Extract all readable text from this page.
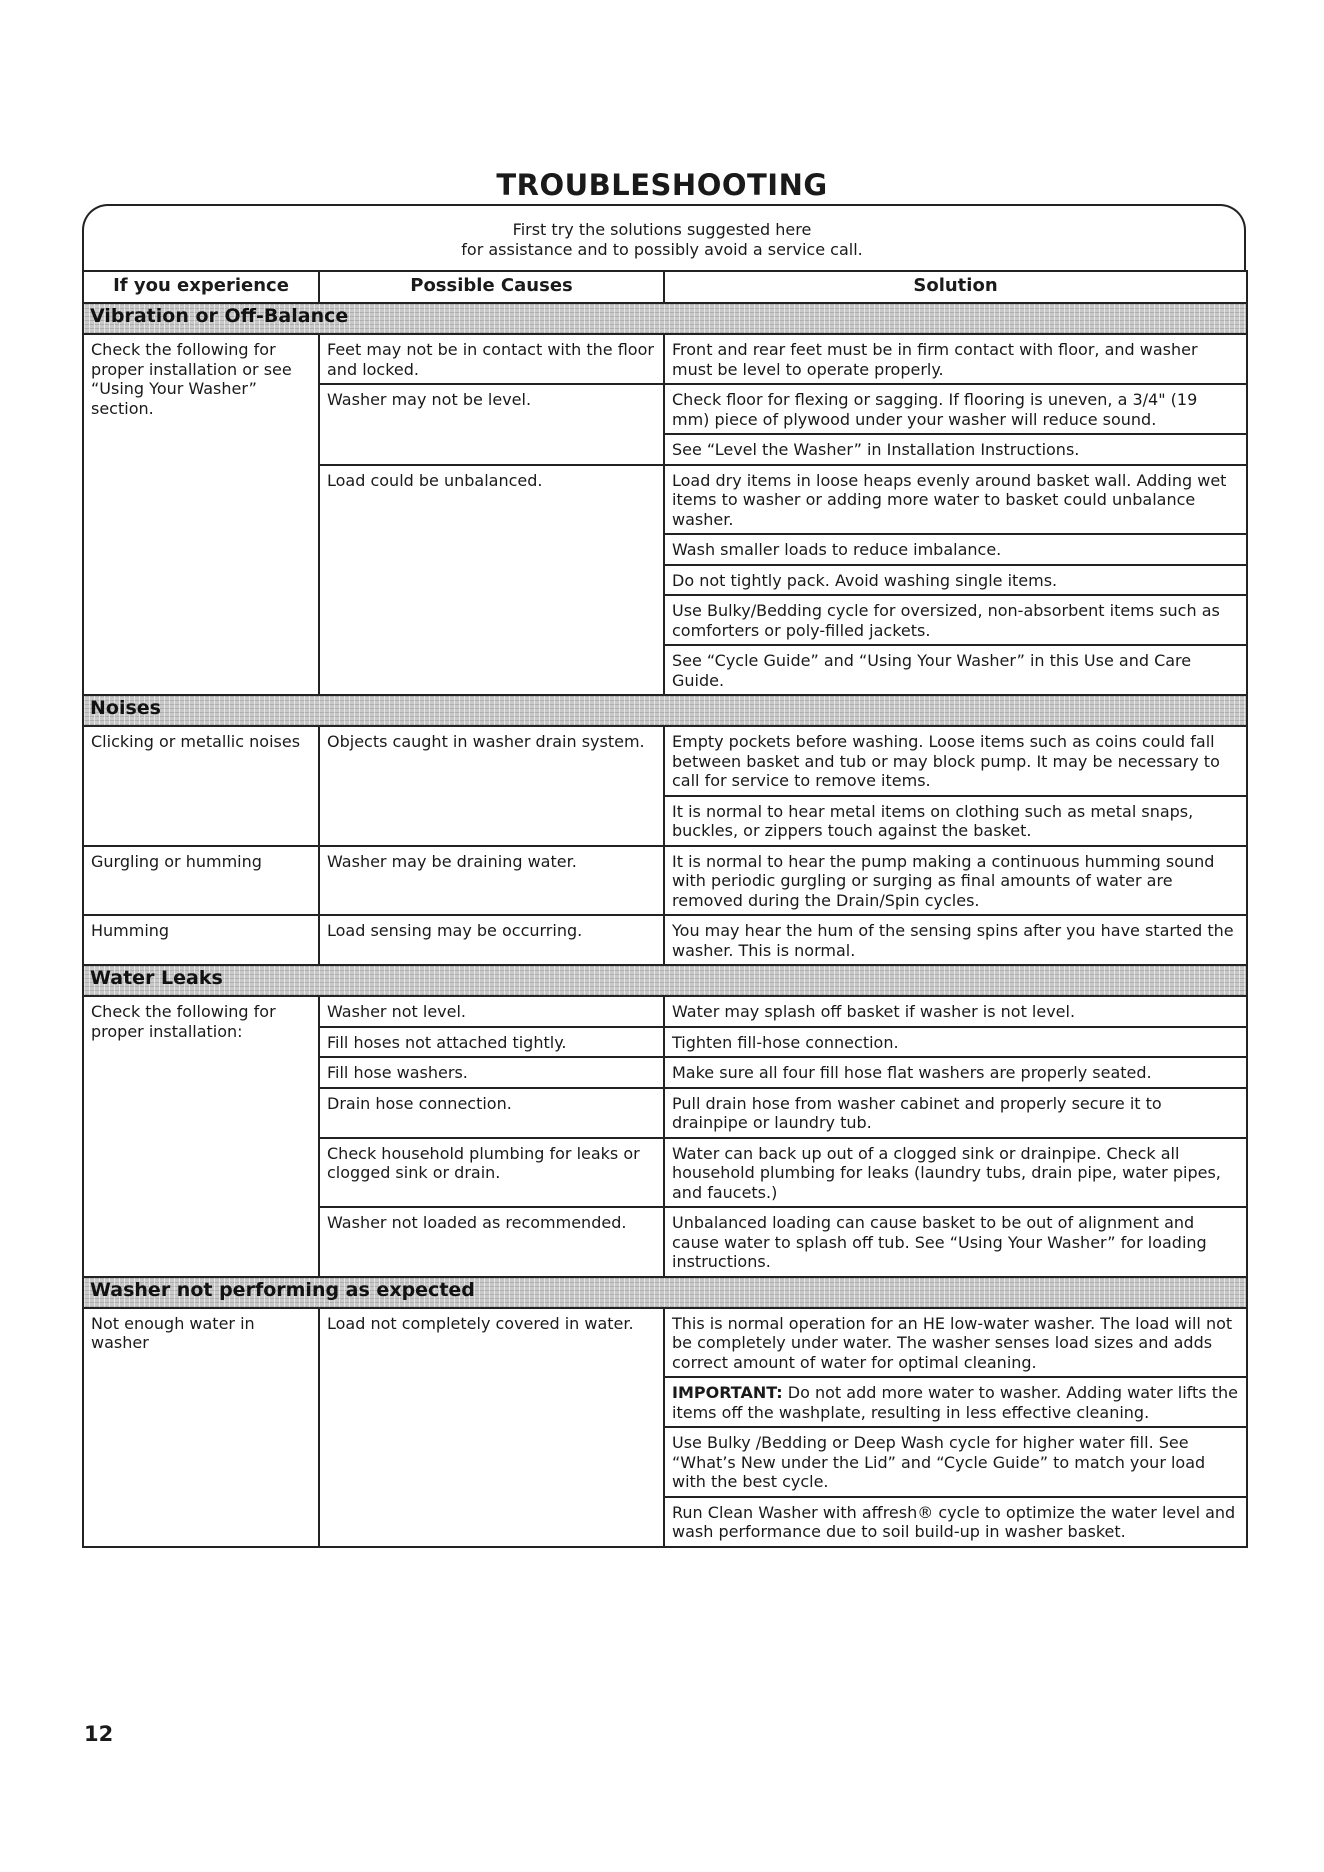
TROUBLESHOOTING
First try the solutions suggested here
for assistance and to possibly avoid a service call.
If you experience	Possible Causes	Solution
Vibration or Off-Balance		
Check the following for proper installation or see “Using Your Washer” section.	Feet may not be in contact with the floor and locked.	Front and rear feet must be in firm contact with floor, and washer must be level to operate properly.
	Washer may not be level.	Check floor for flexing or sagging. If flooring is uneven, a 3/4" (19 mm) piece of plywood under your washer will reduce sound.
		See “Level the Washer” in Installation Instructions.
	Load could be unbalanced.	Load dry items in loose heaps evenly around basket wall. Adding wet items to washer or adding more water to basket could unbalance washer.
		Wash smaller loads to reduce imbalance.
		Do not tightly pack. Avoid washing single items.
		Use Bulky/Bedding cycle for oversized, non-absorbent items such as comforters or poly-filled jackets.
		See “Cycle Guide” and “Using Your Washer” in this Use and Care Guide.
Noises		
Clicking or metallic noises	Objects caught in washer drain system.	Empty pockets before washing. Loose items such as coins could fall between basket and tub or may block pump. It may be necessary to call for service to remove items.
		It is normal to hear metal items on clothing such as metal snaps, buckles, or zippers touch against the basket.
Gurgling or humming	Washer may be draining water.	It is normal to hear the pump making a continuous humming sound with periodic gurgling or surging as final amounts of water are removed during the Drain/Spin cycles.
Humming	Load sensing may be occurring.	You may hear the hum of the sensing spins after you have started the washer. This is normal.
Water Leaks		
Check the following for proper installation:	Washer not level.	Water may splash off basket if washer is not level.
	Fill hoses not attached tightly.	Tighten fill-hose connection.
	Fill hose washers.	Make sure all four fill hose flat washers are properly seated.
	Drain hose connection.	Pull drain hose from washer cabinet and properly secure it to drainpipe or laundry tub.
	Check household plumbing for leaks or clogged sink or drain.	Water can back up out of a clogged sink or drainpipe. Check all household plumbing for leaks (laundry tubs, drain pipe, water pipes, and faucets.)
	Washer not loaded as recommended.	Unbalanced loading can cause basket to be out of alignment and cause water to splash off tub. See “Using Your Washer” for loading instructions.
Washer not performing as expected		
Not enough water in washer	Load not completely covered in water.	This is normal operation for an HE low-water washer. The load will not be completely under water. The washer senses load sizes and adds correct amount of water for optimal cleaning.
		IMPORTANT: Do not add more water to washer. Adding water lifts the items off the washplate, resulting in less effective cleaning.
		Use Bulky /Bedding or Deep Wash cycle for higher water fill. See “What’s New under the Lid” and “Cycle Guide” to match your load with the best cycle.
		Run Clean Washer with affresh® cycle to optimize the water level and wash performance due to soil build-up in washer basket.
12
